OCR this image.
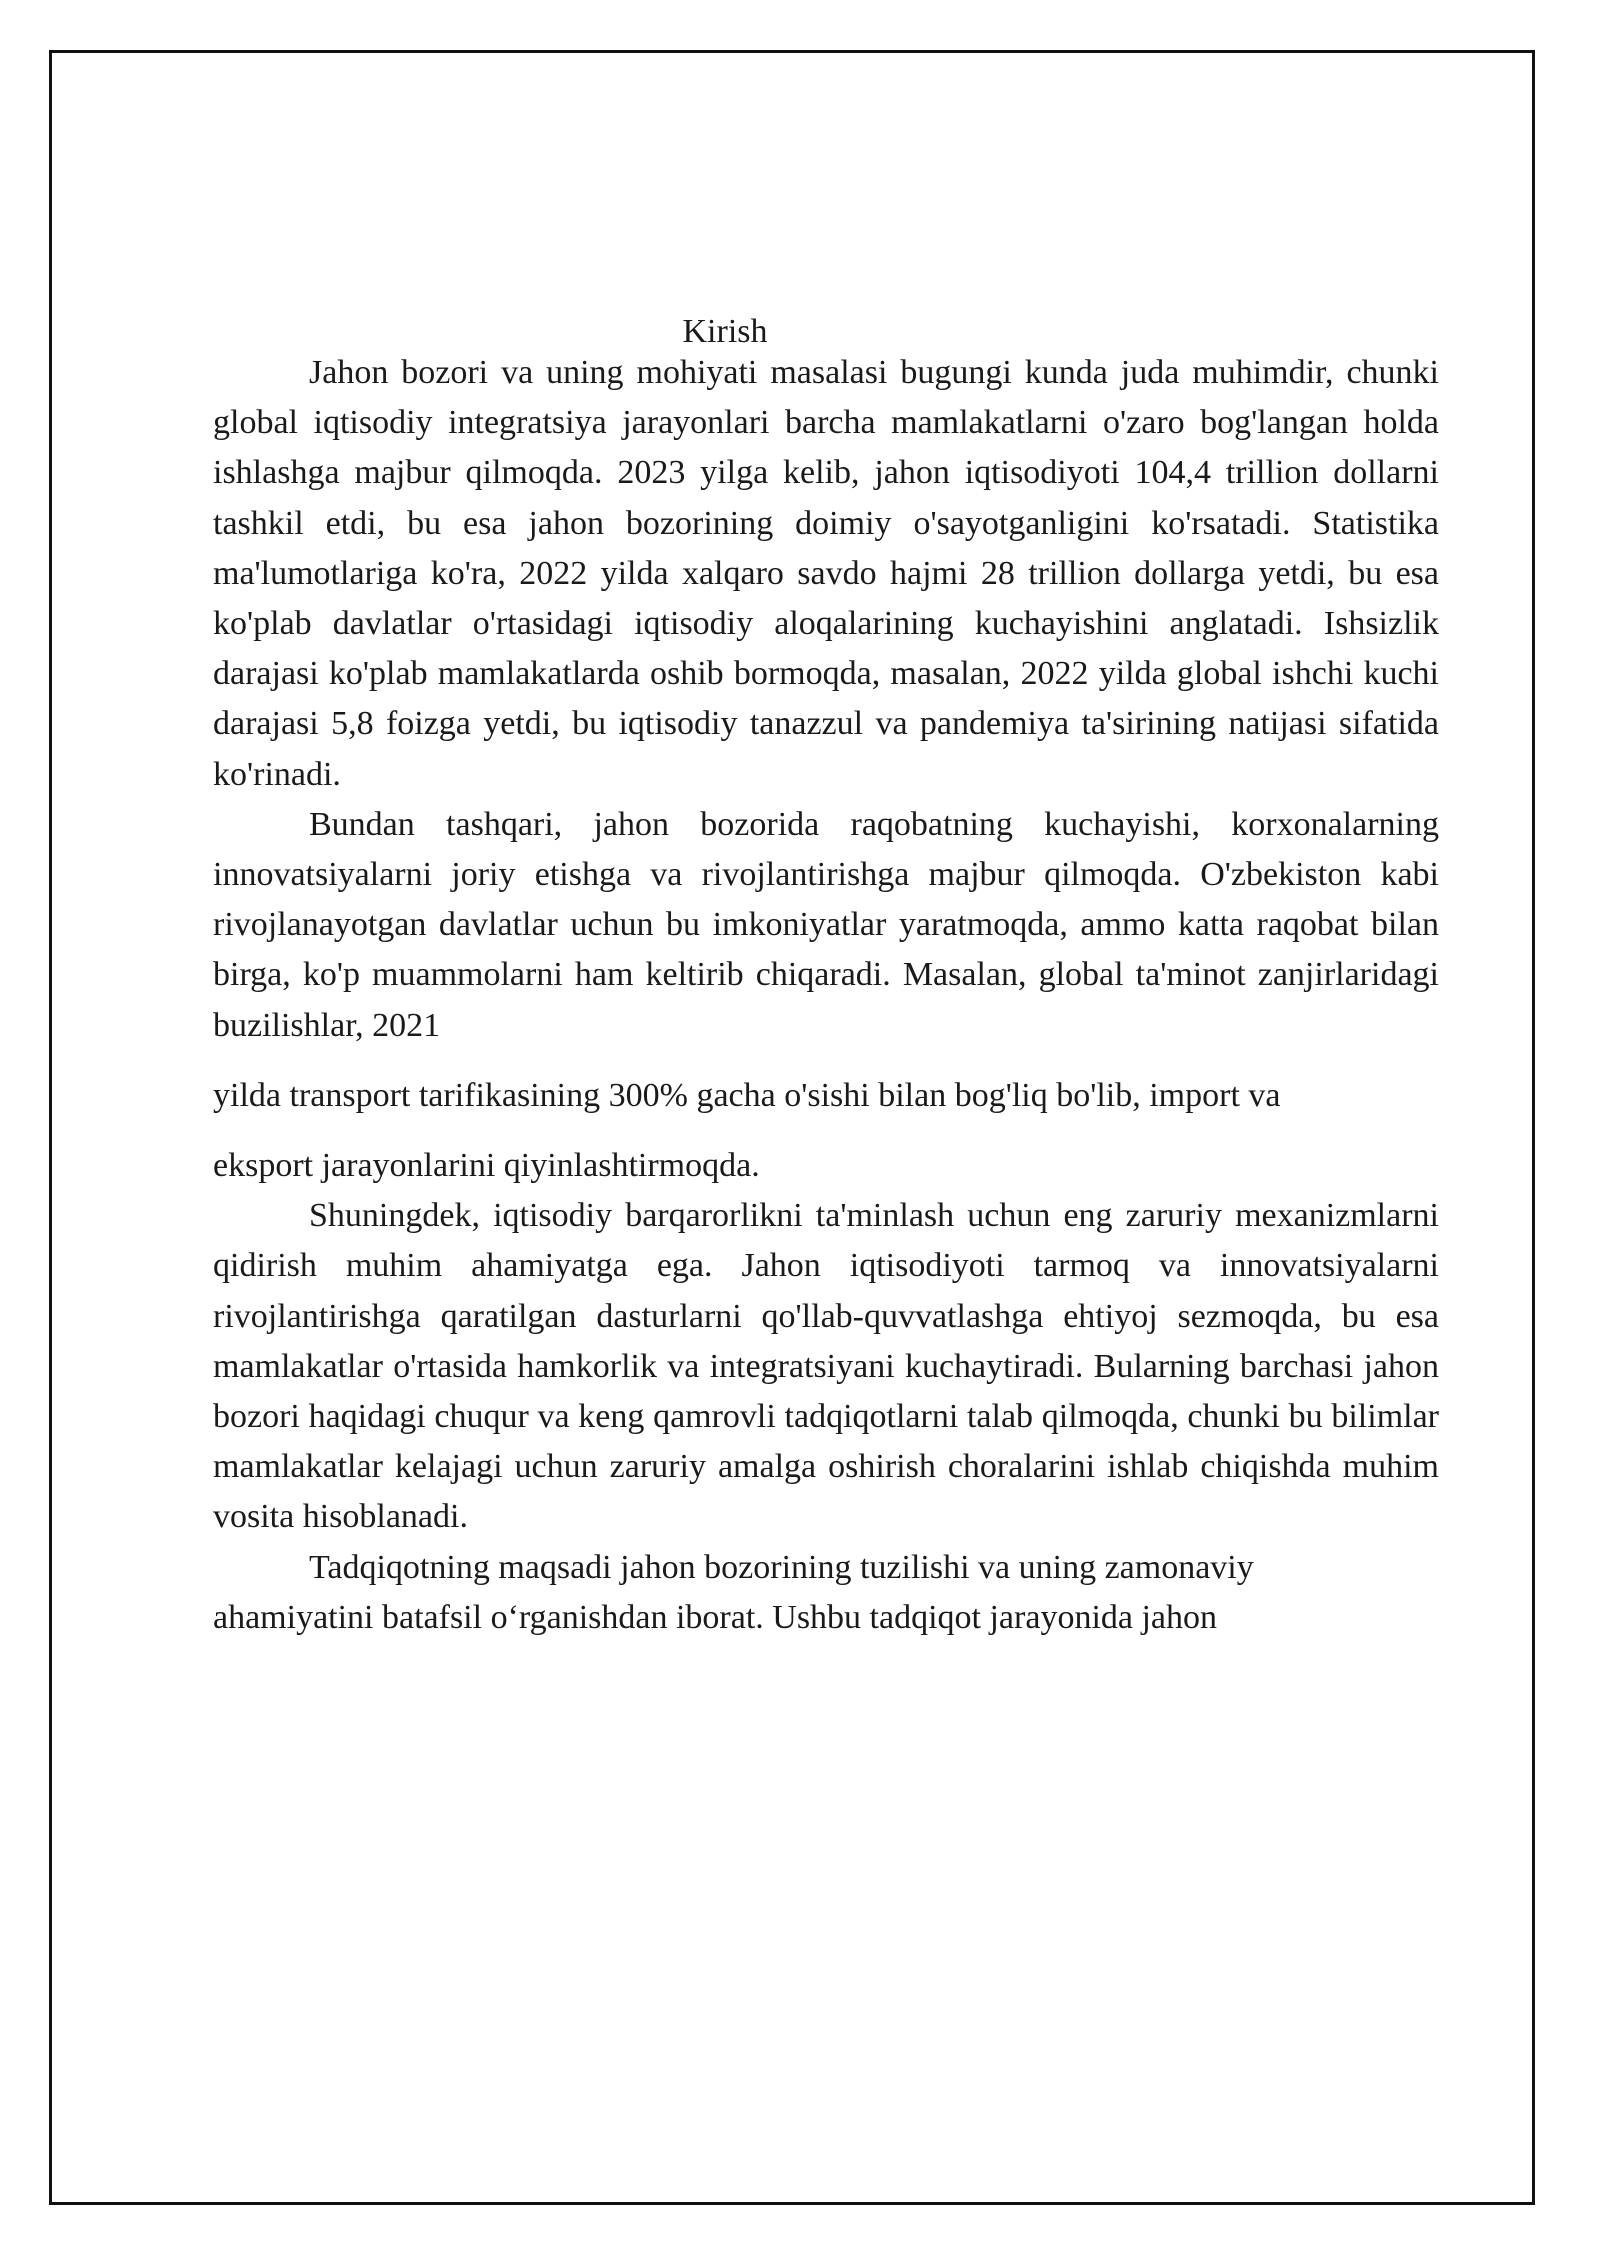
Kirish

Jahon bozori va uning mohiyati masalasi bugungi kunda juda muhimdir, chunki global iqtisodiy integratsiya jarayonlari barcha mamlakatlarni o'zaro bog'langan holda ishlashga majbur qilmoqda. 2023 yilga kelib, jahon iqtisodiyoti 104,4 trillion dollarni tashkil etdi, bu esa jahon bozorining doimiy o'sayotganligini ko'rsatadi. Statistika ma'lumotlariga ko'ra, 2022 yilda xalqaro savdo hajmi 28 trillion dollarga yetdi, bu esa ko'plab davlatlar o'rtasidagi iqtisodiy aloqalarining kuchayishini anglatadi. Ishsizlik darajasi ko'plab mamlakatlarda oshib bormoqda, masalan, 2022 yilda global ishchi kuchi darajasi 5,8 foizga yetdi, bu iqtisodiy tanazzul va pandemiya ta'sirining natijasi sifatida ko'rinadi.

Bundan tashqari, jahon bozorida raqobatning kuchayishi, korxonalarning innovatsiyalarni joriy etishga va rivojlantirishga majbur qilmoqda. O'zbekiston kabi rivojlanayotgan davlatlar uchun bu imkoniyatlar yaratmoqda, ammo katta raqobat bilan birga, ko'p muammolarni ham keltirib chiqaradi. Masalan, global ta'minot zanjirlaridagi buzilishlar, 2021

yilda transport tarifikasining 300% gacha o'sishi bilan bog'liq bo'lib, import va

eksport jarayonlarini qiyinlashtirmoqda.

Shuningdek, iqtisodiy barqarorlikni ta'minlash uchun eng zaruriy mexanizmlarni qidirish muhim ahamiyatga ega. Jahon iqtisodiyoti tarmoq va innovatsiyalarni rivojlantirishga qaratilgan dasturlarni qo'llab-quvvatlashga ehtiyoj sezmoqda, bu esa mamlakatlar o'rtasida hamkorlik va integratsiyani kuchaytiradi. Bularning barchasi jahon bozori haqidagi chuqur va keng qamrovli tadqiqotlarni talab qilmoqda, chunki bu bilimlar mamlakatlar kelajagi uchun zaruriy amalga oshirish choralarini ishlab chiqishda muhim vosita hisoblanadi.

Tadqiqotning maqsadi jahon bozorining tuzilishi va uning zamonaviy

ahamiyatini batafsil o‘rganishdan iborat. Ushbu tadqiqot jarayonida jahon
